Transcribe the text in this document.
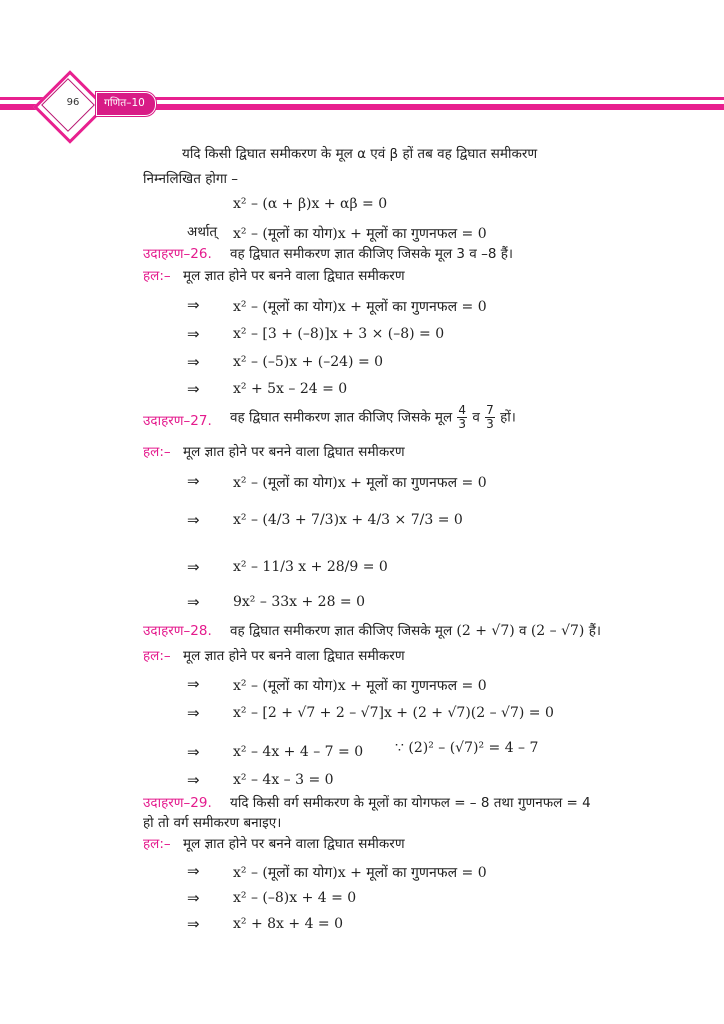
96	गणित–10
यदि किसी द्विघात समीकरण के मूल α एवं β हों तब वह द्विघात समीकरण
निम्नलिखित होगा –
x² – (α + β)x + αβ = 0
अर्थात् x² – (मूलों का योग)x + मूलों का गुणनफल = 0
उदाहरण–26. वह द्विघात समीकरण ज्ञात कीजिए जिसके मूल 3 व –8 हैं।
हल:– मूल ज्ञात होने पर बनने वाला द्विघात समीकरण
⇒ x² – (मूलों का योग)x + मूलों का गुणनफल = 0
⇒ x² – [3 + (–8)]x + 3 × (–8) = 0
⇒ x² – (–5)x + (–24) = 0
⇒ x² + 5x – 24 = 0
उदाहरण–27. वह द्विघात समीकरण ज्ञात कीजिए जिसके मूल $\frac{4}{3}$ व $\frac{7}{3}$ हों।
हल:– मूल ज्ञात होने पर बनने वाला द्विघात समीकरण
⇒ x² – (मूलों का योग)x + मूलों का गुणनफल = 0
⇒ x² – (4/3 + 7/3)x + 4/3 × 7/3 = 0
⇒ x² – 11/3 x + 28/9 = 0
⇒ 9x² – 33x + 28 = 0
उदाहरण–28. वह द्विघात समीकरण ज्ञात कीजिए जिसके मूल (2 + √7) व (2 – √7) हैं।
हल:– मूल ज्ञात होने पर बनने वाला द्विघात समीकरण
⇒ x² – (मूलों का योग)x + मूलों का गुणनफल = 0
⇒ x² – [2 + √7 + 2 – √7]x + (2 + √7)(2 – √7) = 0
⇒ x² – 4x + 4 – 7 = 0 ∵ (2)² – (√7)² = 4 – 7
⇒ x² – 4x – 3 = 0
उदाहरण–29. यदि किसी वर्ग समीकरण के मूलों का योगफल = – 8 तथा गुणनफल = 4
हो तो वर्ग समीकरण बनाइए।
हल:– मूल ज्ञात होने पर बनने वाला द्विघात समीकरण
⇒ x² – (मूलों का योग)x + मूलों का गुणनफल = 0
⇒ x² – (–8)x + 4 = 0
⇒ x² + 8x + 4 = 0
